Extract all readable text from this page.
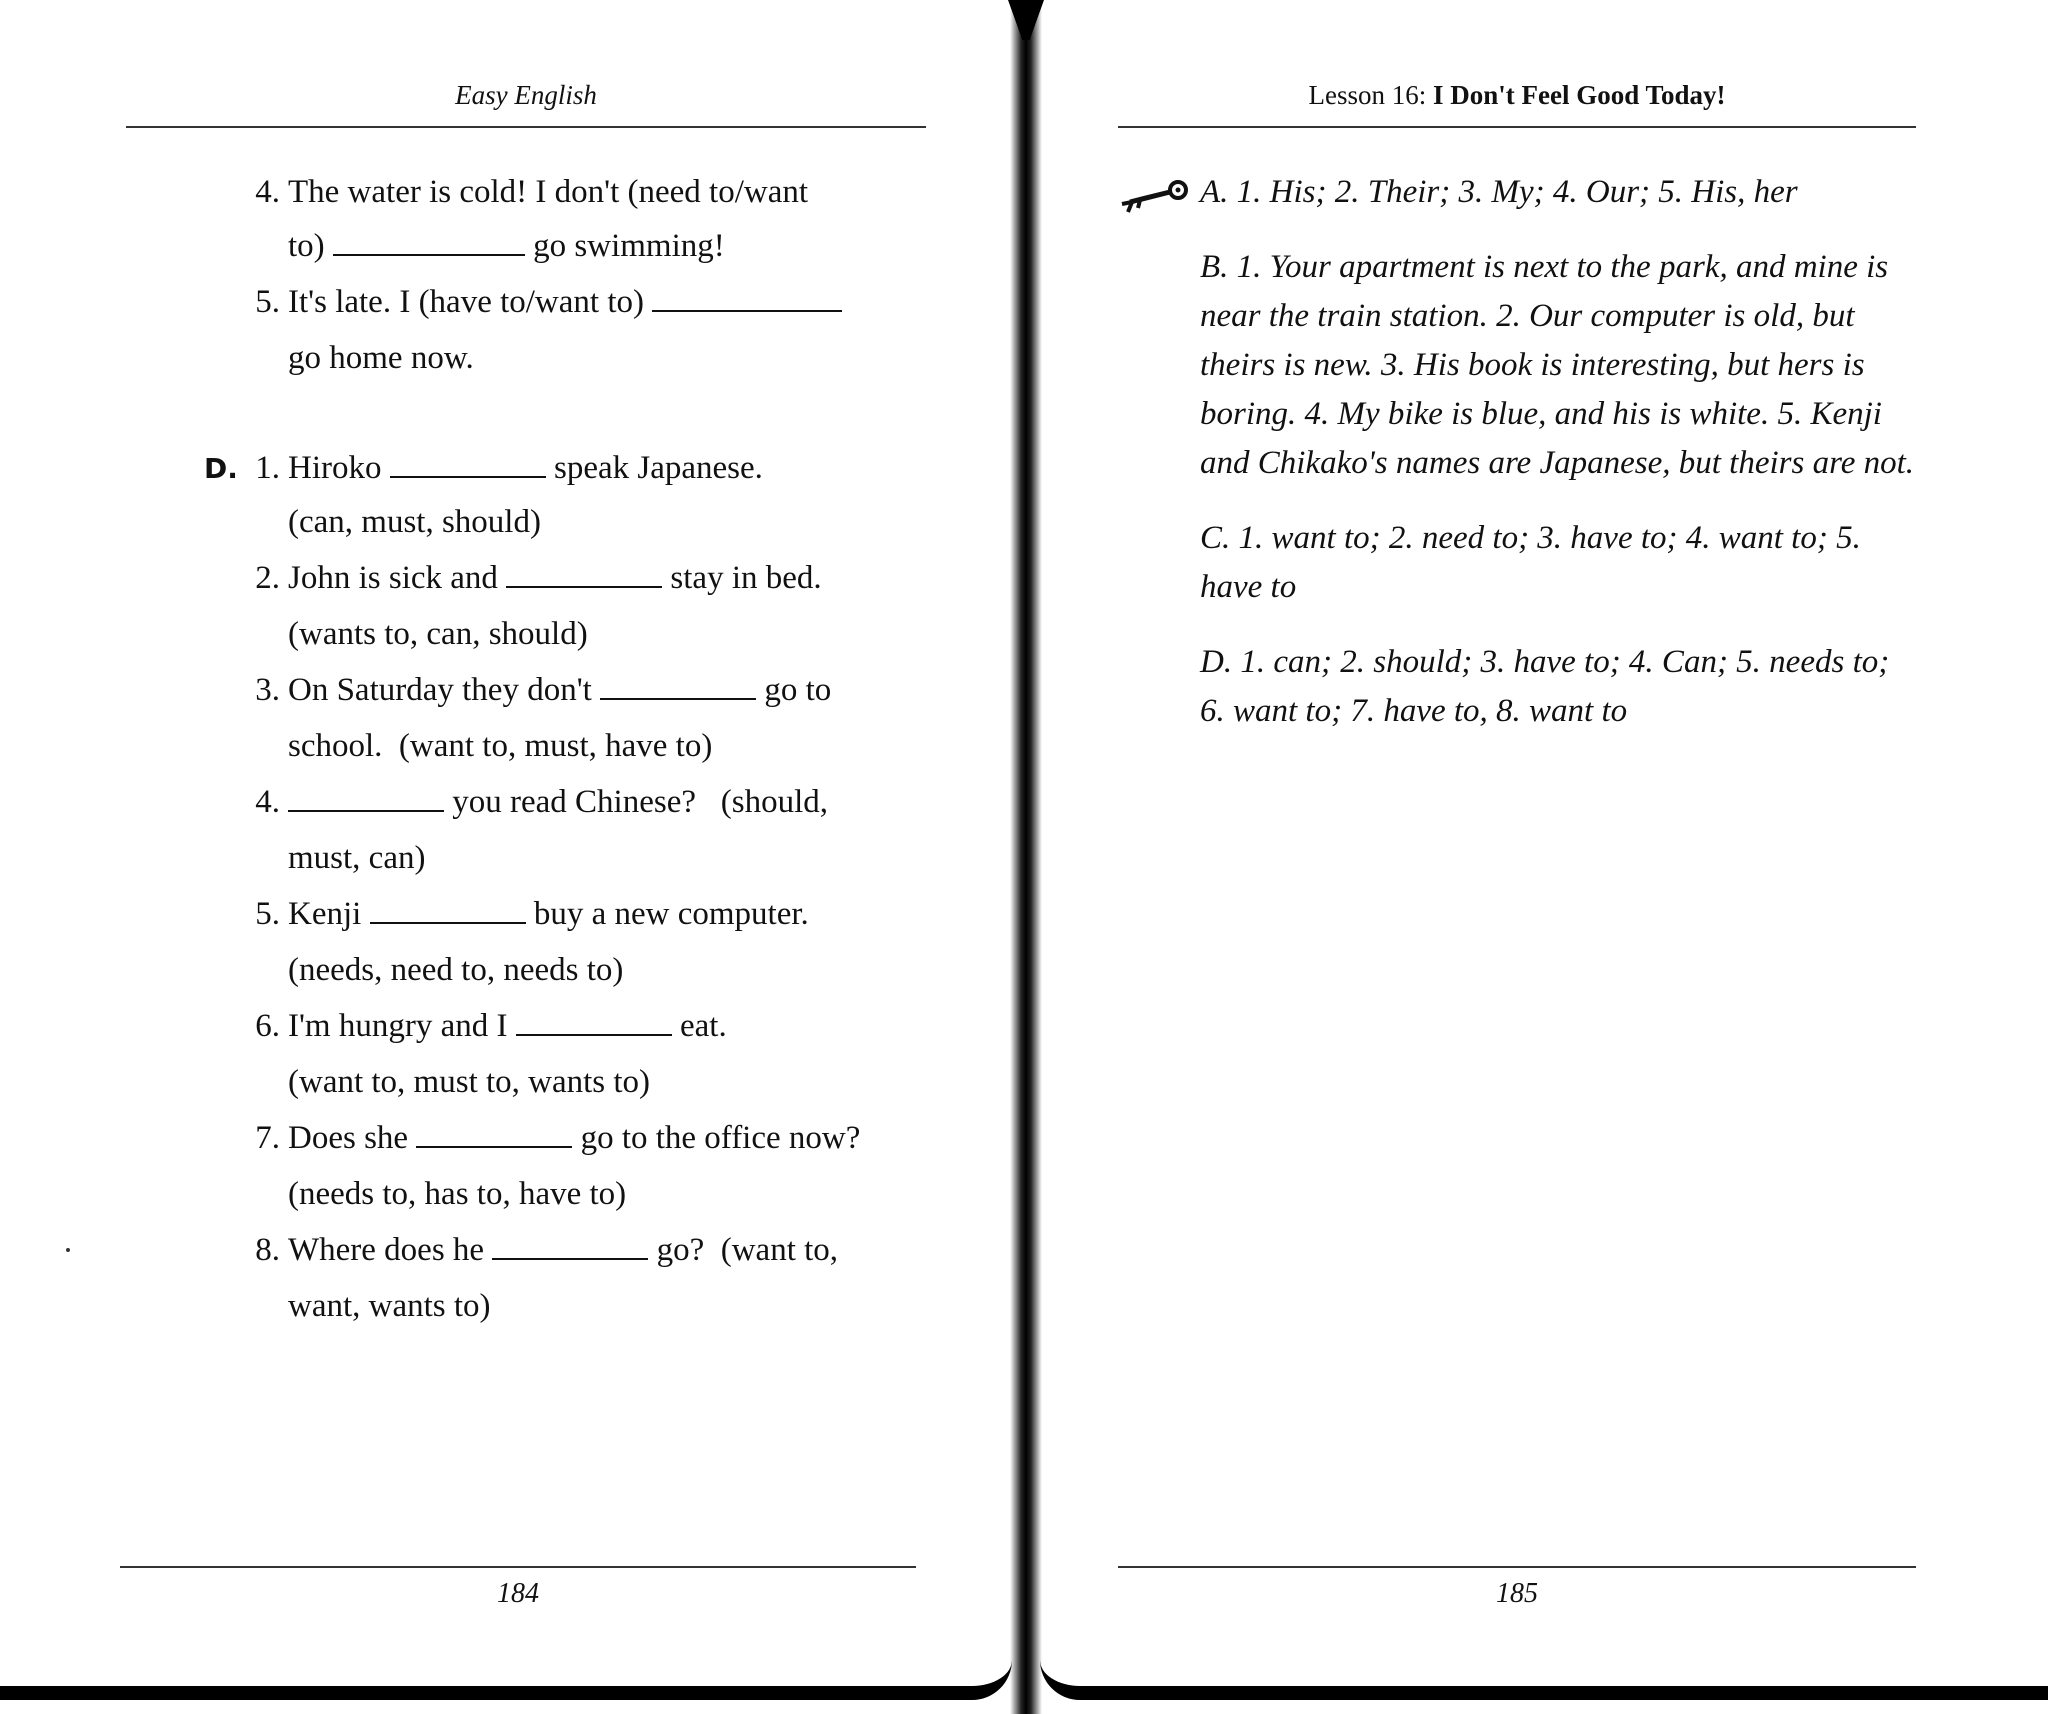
Easy English
4. The water is cold! I don't (need to/want
to)	go swimming!
5. It's late. I (have to/want to)
go home now.
D. 1. Hiroko	speak Japanese.
(can, must, should)
2. John is sick and	stay in bed.
(wants to, can, should)
3. On Saturday they don't	go to
school.  (want to, must, have to)
4.	you read Chinese?   (should,
must, can)
5. Kenji	buy a new computer.
(needs, need to, needs to)
6. I'm hungry and I	eat.
(want to, must to, wants to)
7. Does she	go to the office now?
(needs to, has to, have to)
8. Where does he	go?  (want to,
want, wants to)
184
Lesson 16: I Don't Feel Good Today!

A. 1. His; 2. Their; 3. My; 4. Our; 5. His, her

B. 1. Your apartment is next to the park, and mine is near the train station. 2. Our computer is old, but theirs is new. 3. His book is interesting, but hers is boring. 4. My bike is blue, and his is white. 5. Kenji and Chikako's names are Japanese, but theirs are not.

C. 1. want to; 2. need to; 3. have to; 4. want to; 5. have to

D. 1. can; 2. should; 3. have to; 4. Can; 5. needs to; 6. want to; 7. have to, 8. want to

185
